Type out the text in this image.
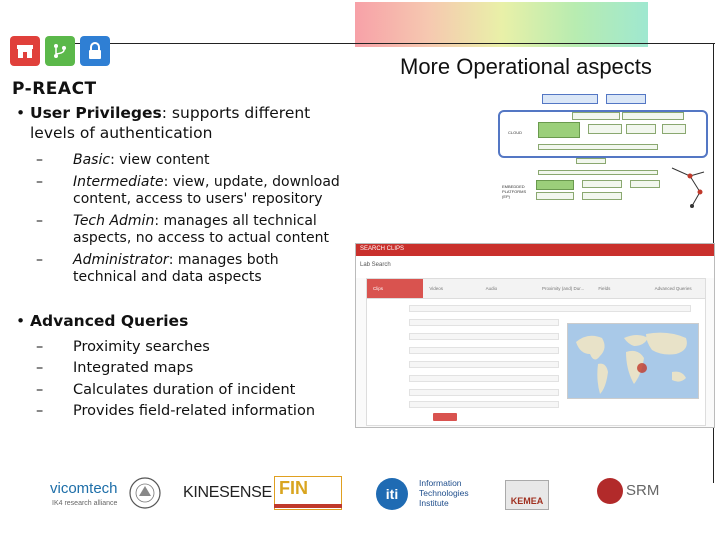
P-REACT
More Operational aspects
• User Privileges: supports different levels of authentication
– Basic: view content
– Intermediate: view, update, download content, access to users' repository
– Tech Admin: manages all technical aspects, no access to actual content
– Administrator: manages both technical and data aspects
• Advanced Queries
– Proximity searches
– Integrated maps
– Calculates duration of incident
– Provides field-related information
CLOUD
EMBEDDED PLATFORMS (EP)
SEARCH CLIPS
Lab Search
Clips	Videos	Audio	Proximity (and) Dur...	Fields	Advanced Queries
vicomtech
IK4 research alliance
KINESENSE FIN	iti
Information Technologies Institute	KEMEA
SRM
